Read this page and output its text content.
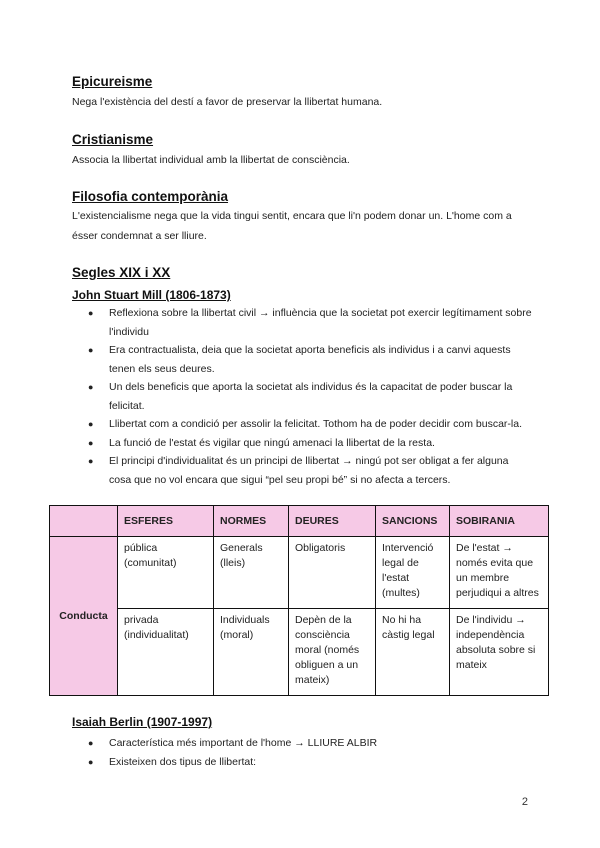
Epicureisme
Nega l'existència del destí a favor de preservar la llibertat humana.
Cristianisme
Associa la llibertat individual amb la llibertat de consciència.
Filosofia contemporània
L'existencialisme nega que la vida tingui sentit, encara que li'n podem donar un. L'home com a
ésser condemnat a ser lliure.
Segles XIX i XX
John Stuart Mill (1806-1873)
● Reflexiona sobre la llibertat civil → influència que la societat pot exercir legítimament sobre
l'individu
● Era contractualista, deia que la societat aporta beneficis als individus i a canvi aquests
tenen els seus deures.
● Un dels beneficis que aporta la societat als individus és la capacitat de poder buscar la
felicitat.
● Llibertat com a condició per assolir la felicitat. Tothom ha de poder decidir com buscar-la.
● La funció de l'estat és vigilar que ningú amenaci la llibertat de la resta.
● El principi d'individualitat és un principi de llibertat → ningú pot ser obligat a fer alguna
cosa que no vol encara que sigui “pel seu propi bé” si no afecta a tercers.
	ESFERES	NORMES	DEURES	SANCIONS	SOBIRANIA
Conducta	pública (comunitat)	Generals (lleis)	Obligatoris	Intervenció legal de l'estat (multes)	De l'estat → només evita que un membre perjudiqui a altres
	privada (individualitat)	Individuals (moral)	Depèn de la consciència moral (només obliguen a un mateix)	No hi ha càstig legal	De l'individu → independència absoluta sobre si mateix
Isaiah Berlin (1907-1997)
● Característica més important de l'home → LLIURE ALBIR
● Existeixen dos tipus de llibertat:
2
